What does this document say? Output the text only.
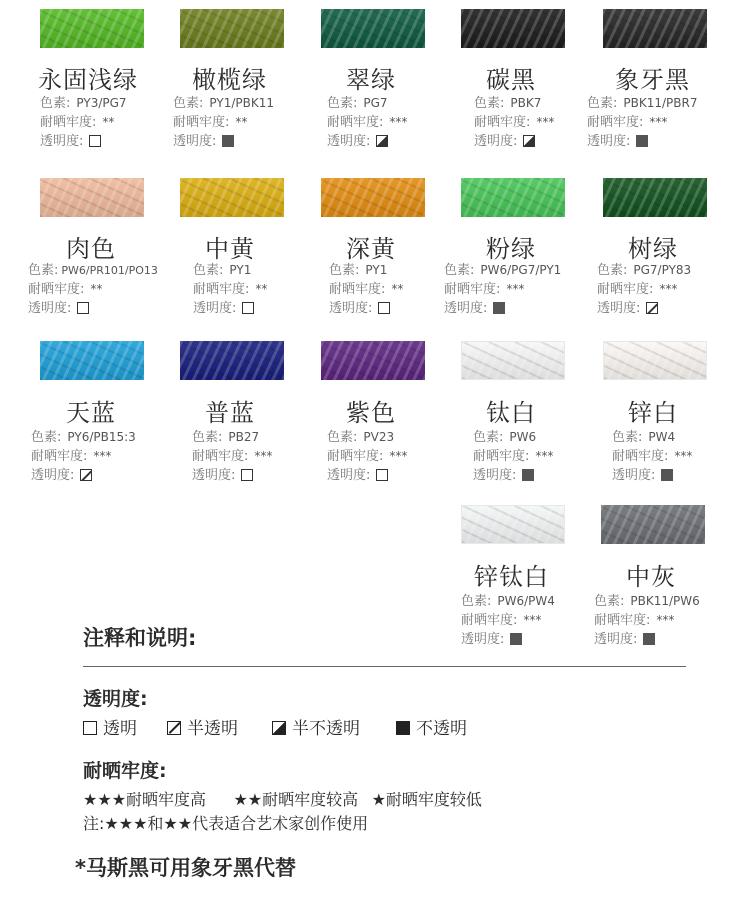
永固浅绿
色素: PY3/PG7
耐晒牢度: **
透明度:
橄榄绿
色素: PY1/PBK11
耐晒牢度: **
透明度:
翠绿
色素: PG7
耐晒牢度: ***
透明度:
碳黑
色素: PBK7
耐晒牢度: ***
透明度:
象牙黑
色素: PBK11/PBR7
耐晒牢度: ***
透明度:
肉色
色素: PW6/PR101/PO13
耐晒牢度: **
透明度:
中黄
色素: PY1
耐晒牢度: **
透明度:
深黄
色素: PY1
耐晒牢度: **
透明度:
粉绿
色素: PW6/PG7/PY1
耐晒牢度: ***
透明度:
树绿
色素: PG7/PY83
耐晒牢度: ***
透明度:
天蓝
色素: PY6/PB15:3
耐晒牢度: ***
透明度:
普蓝
色素: PB27
耐晒牢度: ***
透明度:
紫色
色素: PV23
耐晒牢度: ***
透明度:
钛白
色素: PW6
耐晒牢度: ***
透明度:
锌白
色素: PW4
耐晒牢度: ***
透明度:
锌钛白
色素: PW6/PW4
耐晒牢度: ***
透明度:
中灰
色素: PBK11/PW6
耐晒牢度: ***
透明度:
注释和说明:
透明度:
透明	半透明	半不透明	不透明
耐晒牢度:
★★★耐晒牢度高 ★★耐晒牢度较高 ★耐晒牢度较低
注:★★★和★★代表适合艺术家创作使用
*马斯黑可用象牙黑代替
